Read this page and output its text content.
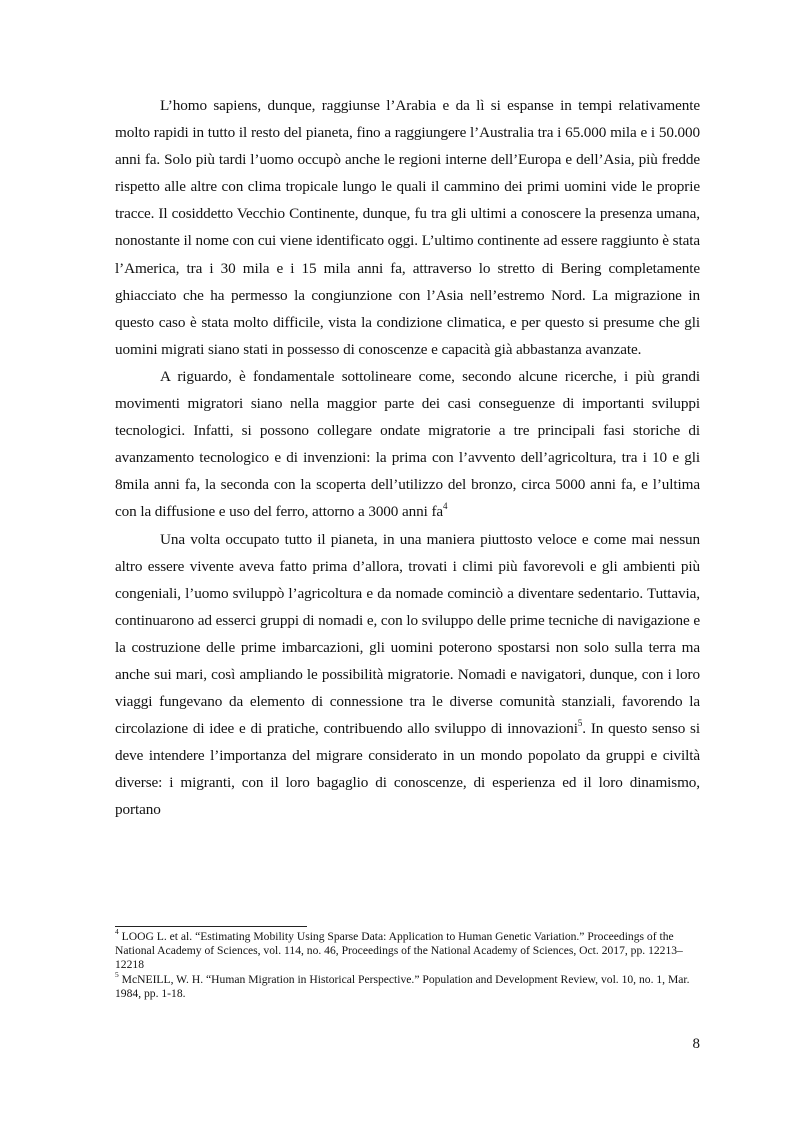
L’homo sapiens, dunque, raggiunse l’Arabia e da lì si espanse in tempi relativamente molto rapidi in tutto il resto del pianeta, fino a raggiungere l’Australia tra i 65.000 mila e i 50.000 anni fa. Solo più tardi l’uomo occupò anche le regioni interne dell’Europa e dell’Asia, più fredde rispetto alle altre con clima tropicale lungo le quali il cammino dei primi uomini vide le proprie tracce. Il cosiddetto Vecchio Continente, dunque, fu tra gli ultimi a conoscere la presenza umana, nonostante il nome con cui viene identificato oggi. L’ultimo continente ad essere raggiunto è stata l’America, tra i 30 mila e i 15 mila anni fa, attraverso lo stretto di Bering completamente ghiacciato che ha permesso la congiunzione con l’Asia nell’estremo Nord. La migrazione in questo caso è stata molto difficile, vista la condizione climatica, e per questo si presume che gli uomini migrati siano stati in possesso di conoscenze e capacità già abbastanza avanzate.

A riguardo, è fondamentale sottolineare come, secondo alcune ricerche, i più grandi movimenti migratori siano nella maggior parte dei casi conseguenze di importanti sviluppi tecnologici. Infatti, si possono collegare ondate migratorie a tre principali fasi storiche di avanzamento tecnologico e di invenzioni: la prima con l’avvento dell’agricoltura, tra i 10 e gli 8mila anni fa, la seconda con la scoperta dell’utilizzo del bronzo, circa 5000 anni fa, e l’ultima con la diffusione e uso del ferro, attorno a 3000 anni $fa^4$

Una volta occupato tutto il pianeta, in una maniera piuttosto veloce e come mai nessun altro essere vivente aveva fatto prima d’allora, trovati i climi più favorevoli e gli ambienti più congeniali, l’uomo sviluppò l’agricoltura e da nomade cominciò a diventare sedentario. Tuttavia, continuarono ad esserci gruppi di nomadi e, con lo sviluppo delle prime tecniche di navigazione e la costruzione delle prime imbarcazioni, gli uomini poterono spostarsi non solo sulla terra ma anche sui mari, così ampliando le possibilità migratorie. Nomadi e navigatori, dunque, con i loro viaggi fungevano da elemento di connessione tra le diverse comunità stanziali, favorendo la circolazione di idee e di pratiche, contribuendo allo sviluppo di innovazioni$^5$. In questo senso si deve intendere l’importanza del migrare considerato in un mondo popolato da gruppi e civiltà diverse: i migranti, con il loro bagaglio di conoscenze, di esperienza ed il loro dinamismo, portano

$^4$ LOOG L. et al. “Estimating Mobility Using Sparse Data: Application to Human Genetic Variation.” Proceedings of the National Academy of Sciences, vol. 114, no. 46, Proceedings of the National Academy of Sciences, Oct. 2017, pp. 12213–12218

$^5$ McNEILL, W. H. “Human Migration in Historical Perspective.” Population and Development Review, vol. 10, no. 1, Mar. 1984, pp. 1-18.

8
